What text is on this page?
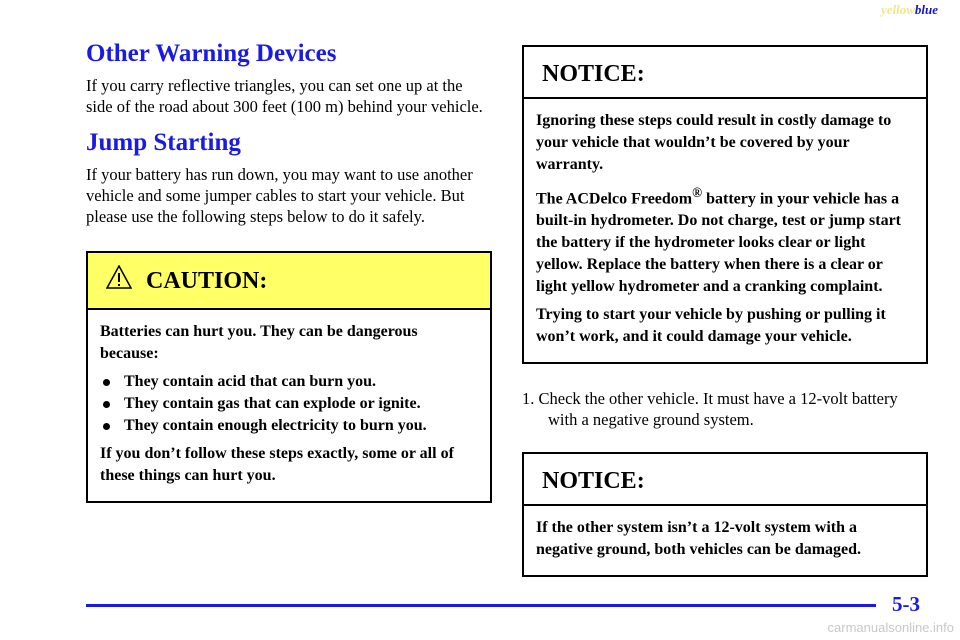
yellowblue
Other Warning Devices

If you carry reflective triangles, you can set one up at the side of the road about 300 feet (100 m) behind your vehicle.

Jump Starting

If your battery has run down, you may want to use another vehicle and some jumper cables to start your vehicle. But please use the following steps below to do it safely.

CAUTION:

Batteries can hurt you. They can be dangerous because:

They contain acid that can burn you.
They contain gas that can explode or ignite.
They contain enough electricity to burn you.

If you don’t follow these steps exactly, some or all of these things can hurt you.

NOTICE:

Ignoring these steps could result in costly damage to your vehicle that wouldn’t be covered by your warranty.

The ACDelco Freedom® battery in your vehicle has a built-in hydrometer. Do not charge, test or jump start the battery if the hydrometer looks clear or light yellow. Replace the battery when there is a clear or light yellow hydrometer and a cranking complaint.

Trying to start your vehicle by pushing or pulling it won’t work, and it could damage your vehicle.

1. Check the other vehicle. It must have a 12-volt battery with a negative ground system.

NOTICE:

If the other system isn’t a 12-volt system with a negative ground, both vehicles can be damaged.

5-3
carmanualsonline.info
